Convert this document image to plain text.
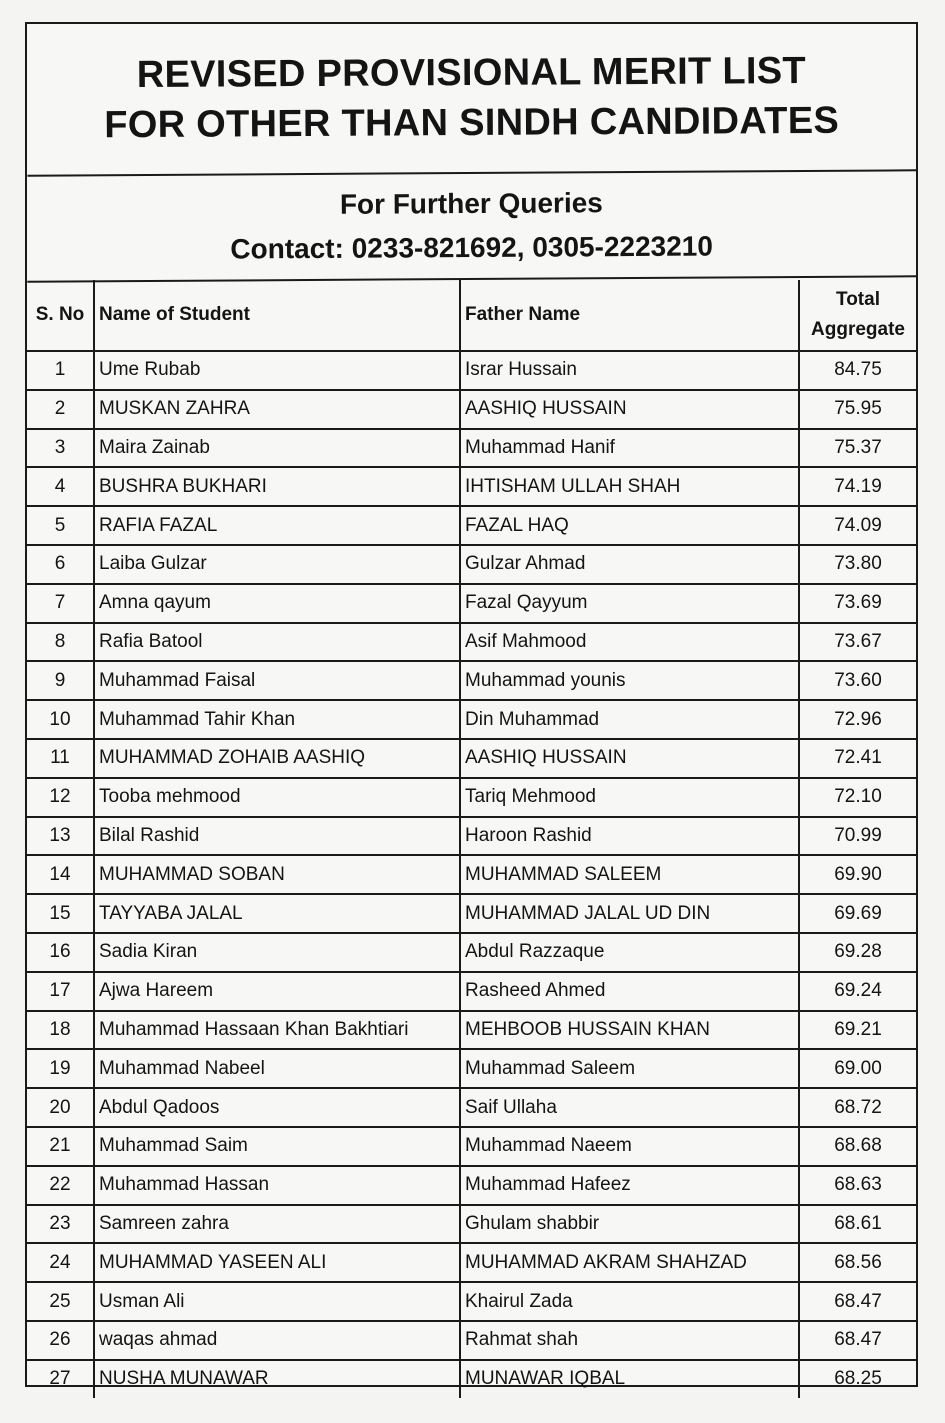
REVISED PROVISIONAL MERIT LIST
FOR OTHER THAN SINDH CANDIDATES
For Further Queries
Contact: 0233-821692, 0305-2223210
S. No	Name of Student	Father Name	Total
Aggregate

1	Ume Rubab	Israr Hussain	84.75
2	MUSKAN ZAHRA	AASHIQ HUSSAIN	75.95
3	Maira Zainab	Muhammad Hanif	75.37
4	BUSHRA BUKHARI	IHTISHAM ULLAH SHAH	74.19
5	RAFIA FAZAL	FAZAL HAQ	74.09
6	Laiba Gulzar	Gulzar Ahmad	73.80
7	Amna qayum	Fazal Qayyum	73.69
8	Rafia Batool	Asif Mahmood	73.67
9	Muhammad Faisal	Muhammad younis	73.60
10	Muhammad Tahir Khan	Din Muhammad	72.96
11	MUHAMMAD ZOHAIB AASHIQ	AASHIQ HUSSAIN	72.41
12	Tooba mehmood	Tariq Mehmood	72.10
13	Bilal Rashid	Haroon Rashid	70.99
14	MUHAMMAD SOBAN	MUHAMMAD SALEEM	69.90
15	TAYYABA JALAL	MUHAMMAD JALAL UD DIN	69.69
16	Sadia Kiran	Abdul Razzaque	69.28
17	Ajwa Hareem	Rasheed Ahmed	69.24
18	Muhammad Hassaan Khan Bakhtiari	MEHBOOB HUSSAIN KHAN	69.21
19	Muhammad Nabeel	Muhammad Saleem	69.00
20	Abdul Qadoos	Saif Ullaha	68.72
21	Muhammad Saim	Muhammad Naeem	68.68
22	Muhammad Hassan	Muhammad Hafeez	68.63
23	Samreen zahra	Ghulam shabbir	68.61
24	MUHAMMAD YASEEN ALI	MUHAMMAD AKRAM SHAHZAD	68.56
25	Usman Ali	Khairul Zada	68.47
26	waqas ahmad	Rahmat shah	68.47
27	NUSHA MUNAWAR	MUNAWAR IQBAL	68.25
